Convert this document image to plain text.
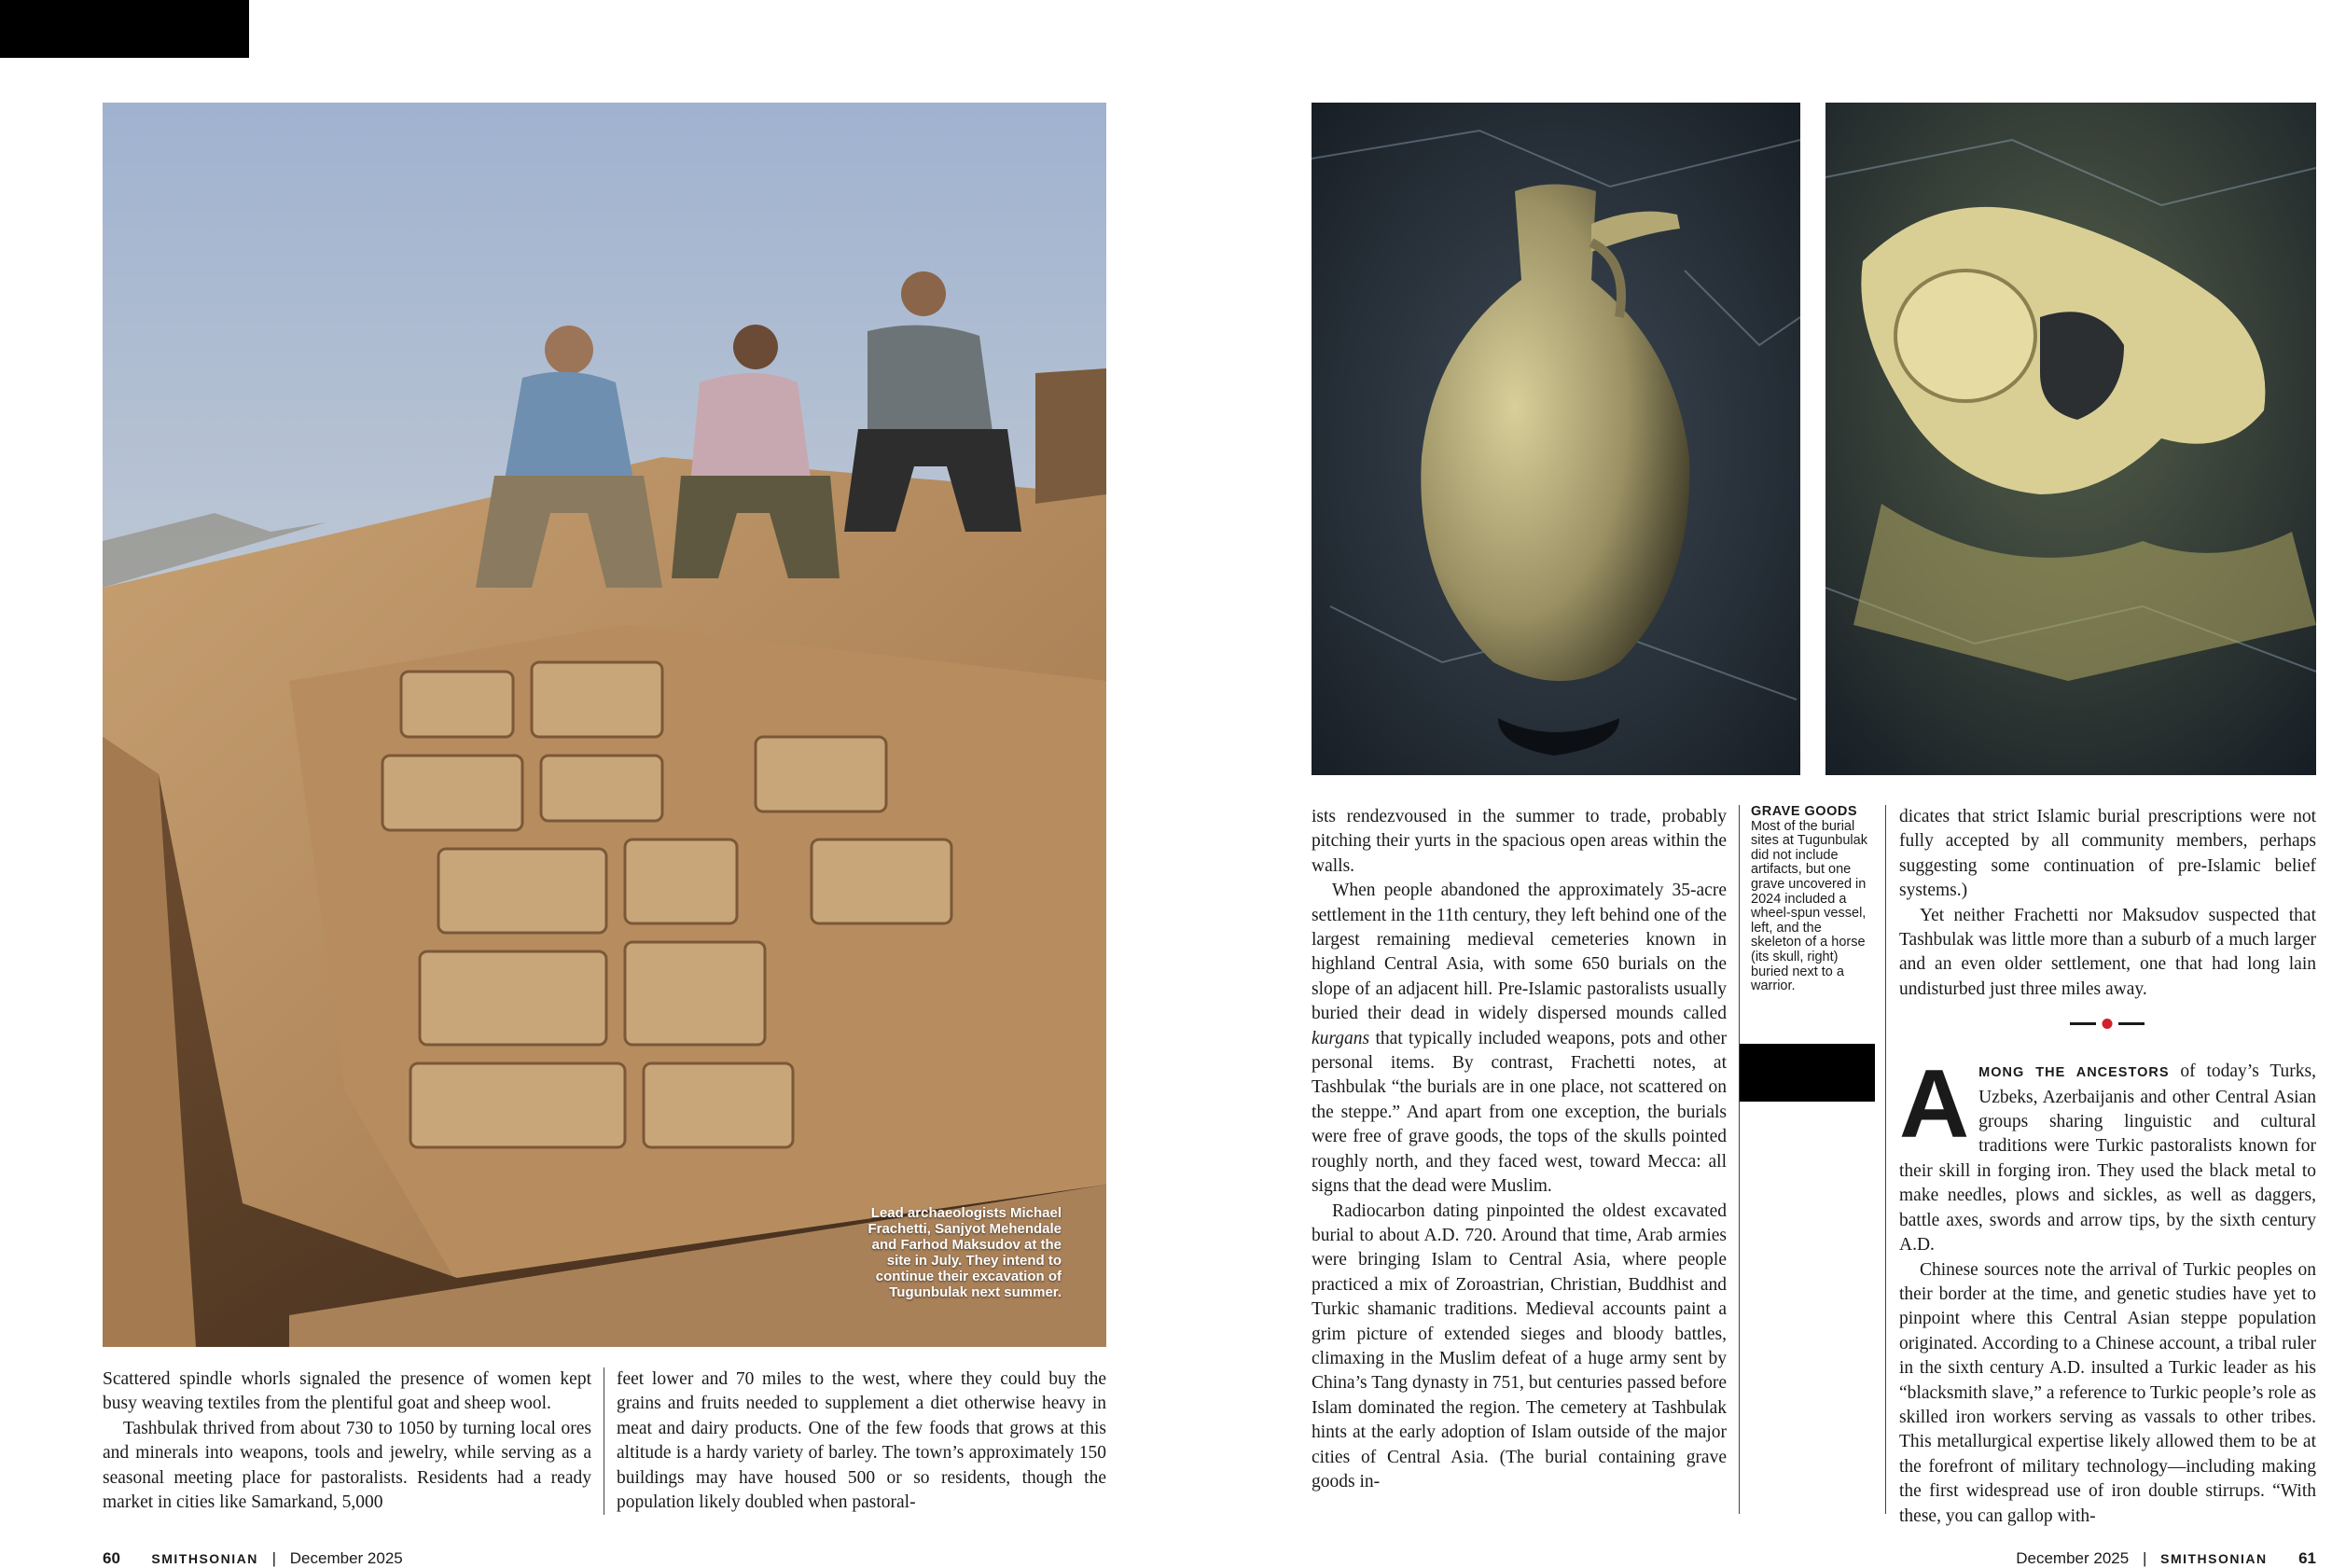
Lead archaeologists Michael Frachetti, Sanjyot Mehendale and Farhod Maksudov at the site in July. They intend to continue their excavation of Tugunbulak next summer.

Scattered spindle whorls signaled the presence of women kept busy weaving textiles from the plentiful goat and sheep wool.

Tashbulak thrived from about 730 to 1050 by turning local ores and minerals into weapons, tools and jewelry, while serving as a seasonal meeting place for pastoralists. Residents had a ready market in cities like Samarkand, 5,000

feet lower and 70 miles to the west, where they could buy the grains and fruits needed to supplement a diet otherwise heavy in meat and dairy products. One of the few foods that grows at this altitude is a hardy variety of barley. The town’s approximately 150 buildings may have housed 500 or so residents, though the population likely doubled when pastoral-

ists rendezvoused in the summer to trade, probably pitching their yurts in the spacious open areas within the walls.

When people abandoned the approximately 35-acre settlement in the 11th century, they left behind one of the largest remaining medieval cemeteries known in highland Central Asia, with some 650 burials on the slope of an adjacent hill. Pre-Islamic pastoralists usually buried their dead in widely dispersed mounds called kurgans that typically included weapons, pots and other personal items. By contrast, Frachetti notes, at Tashbulak “the burials are in one place, not scattered on the steppe.” And apart from one exception, the burials were free of grave goods, the tops of the skulls pointed roughly north, and they faced west, toward Mecca: all signs that the dead were Muslim.

Radiocarbon dating pinpointed the oldest excavated burial to about A.D. 720. Around that time, Arab armies were bringing Islam to Central Asia, where people practiced a mix of Zoroastrian, Christian, Buddhist and Turkic shamanic traditions. Medieval accounts paint a grim picture of extended sieges and bloody battles, climaxing in the Muslim defeat of a huge army sent by China’s Tang dynasty in 751, but centuries passed before Islam dominated the region. The cemetery at Tashbulak hints at the early adoption of Islam outside of the major cities of Central Asia. (The burial containing grave goods in-

GRAVE GOODS
Most of the burial sites at Tugunbulak did not include artifacts, but one grave uncovered in 2024 included a wheel-spun vessel, left, and the skeleton of a horse (its skull, right) buried next to a warrior.

dicates that strict Islamic burial prescriptions were not fully accepted by all community members, perhaps suggesting some continuation of pre-Islamic belief systems.)

Yet neither Frachetti nor Maksudov suspected that Tashbulak was little more than a suburb of a much larger and an even older settlement, one that had long lain undisturbed just three miles away.

AMONG THE ANCESTORS of today’s Turks, Uzbeks, Azerbaijanis and other Central Asian groups sharing linguistic and cultural traditions were Turkic pastoralists known for their skill in forging iron. They used the black metal to make needles, plows and sickles, as well as daggers, battle axes, swords and arrow tips, by the sixth century A.D.

Chinese sources note the arrival of Turkic peoples on their border at the time, and genetic studies have yet to pinpoint where this Central Asian steppe population originated. According to a Chinese account, a tribal ruler in the sixth century A.D. insulted a Turkic leader as his “blacksmith slave,” a reference to Turkic people’s role as skilled iron workers serving as vassals to other tribes. This metallurgical expertise likely allowed them to be at the forefront of military technology—including making the first widespread use of iron double stirrups. “With these, you can gallop with-

60 SMITHSONIAN | December 2025	December 2025 | SMITHSONIAN 61
